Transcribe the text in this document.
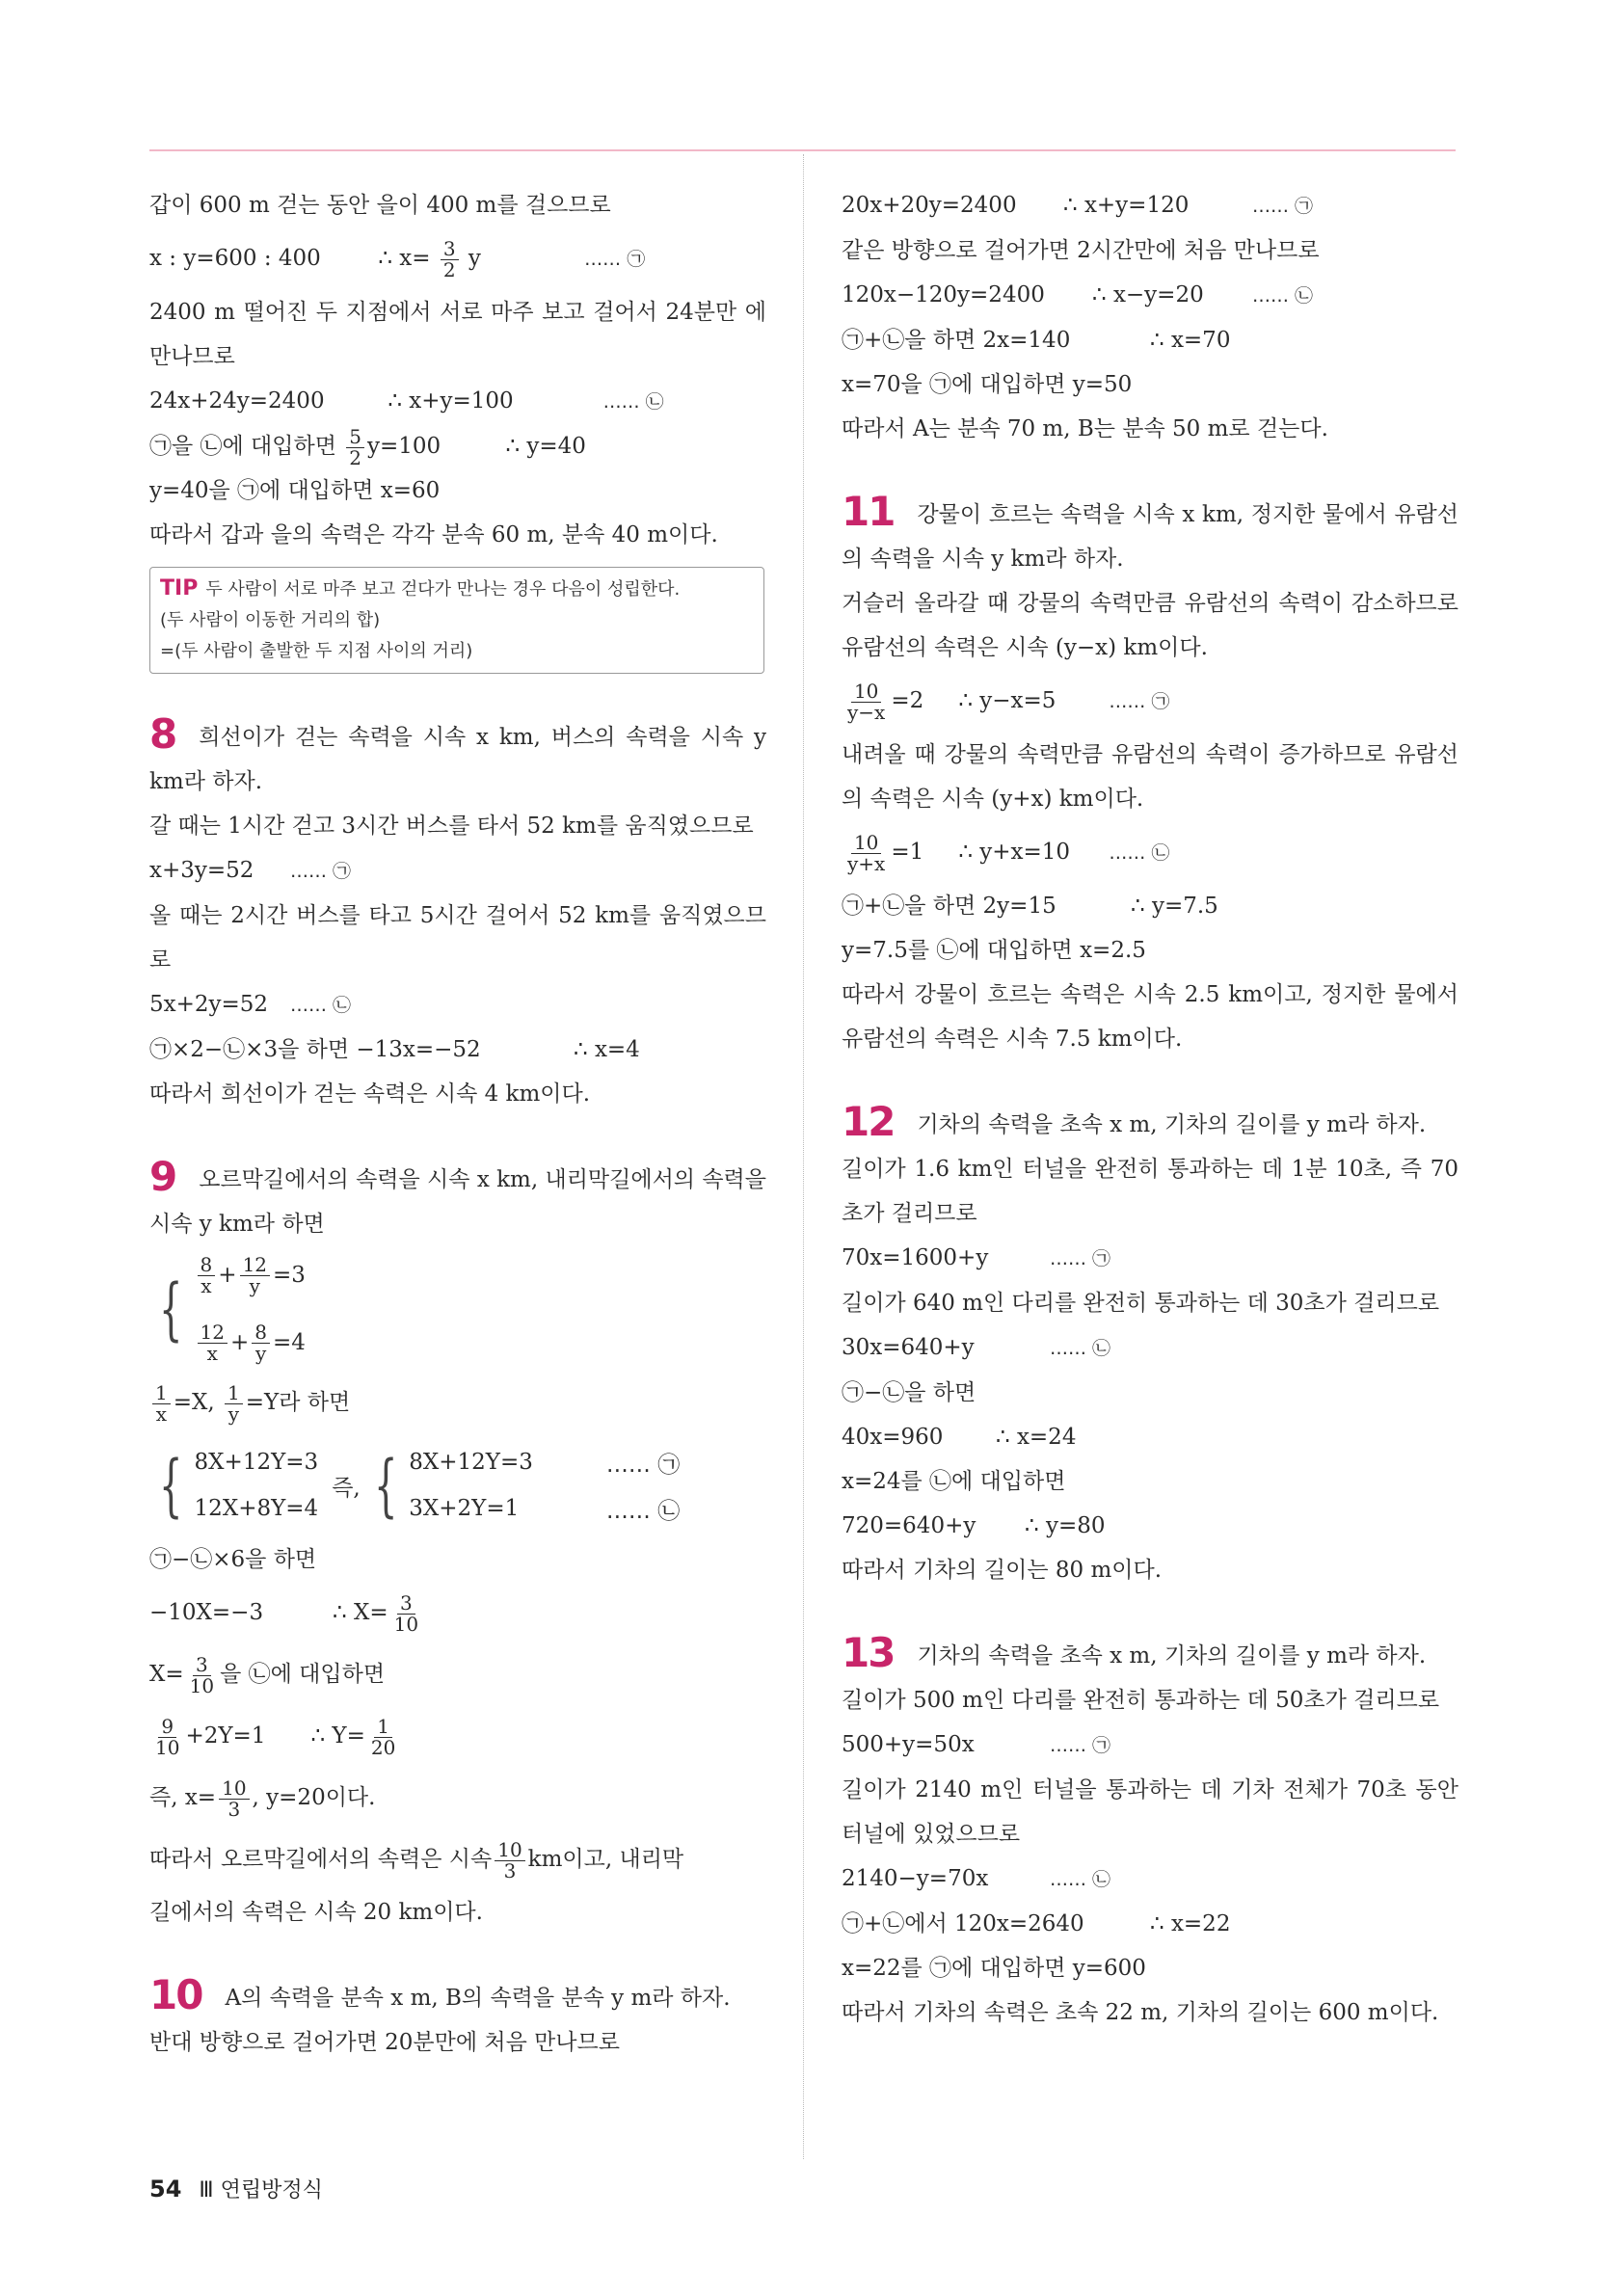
갑이 600 m 걷는 동안 을이 400 m를 걸으므로
x : y=600 : 400	∴ $x= \frac{3}{2}$ y	…… ㉠
2400 m 떨어진 두 지점에서 서로 마주 보고 걸어서 24분만 에 만나므로
24x+24y=2400	∴ x+y=100	…… ㉡
㉠을 ㉡에 대입하면 $\frac{5}{2} y=100$	∴ y=40
y=40을 ㉠에 대입하면 x=60
따라서 갑과 을의 속력은 각각 분속 60 m, 분속 40 m이다.
TIP 두 사람이 서로 마주 보고 걷다가 만나는 경우 다음이 성립한다.
(두 사람이 이동한 거리의 합)
=(두 사람이 출발한 두 지점 사이의 거리)
8 희선이가 걷는 속력을 시속 x km, 버스의 속력을 시속 y km라 하자.
갈 때는 1시간 걷고 3시간 버스를 타서 52 km를 움직였으므로
x+3y=52 …… ㉠
올 때는 2시간 버스를 타고 5시간 걸어서 52 km를 움직였으므로
5x+2y=52 …… ㉡
㉠×2−㉡×3을 하면 −13x=−52	∴ x=4
따라서 희선이가 걷는 속력은 시속 4 km이다.
9 오르막길에서의 속력을 시속 x km, 내리막길에서의 속력을 시속 y km라 하면
{ $\frac{8}{x} + \frac{12}{y} =3$
$\frac{12}{x} + \frac{8}{y} =4$
$\frac{1}{x} =X$, $\frac{1}{y} =Y$라 하면
{ 8X+12Y=3
12X+8Y=4
즉, { 8X+12Y=3
3X+2Y=1
…… ㉠
…… ㉡
㉠−㉡×6을 하면
−10X=−3	∴ $X= \frac{3}{10}$
$X= \frac{3}{10}$ 을 ㉡에 대입하면
$\frac{9}{10} +2Y=1$ ∴ $Y= \frac{1}{20}$
즉, $x= \frac{10}{3}$ , y=20이다.
따라서 오르막길에서의 속력은 시속 $\frac{10}{3}$ km이고, 내리막
길에서의 속력은 시속 20 km이다.
10 A의 속력을 분속 x m, B의 속력을 분속 y m라 하자.
반대 방향으로 걸어가면 20분만에 처음 만나므로
20x+20y=2400 ∴ x+y=120	…… ㉠
같은 방향으로 걸어가면 2시간만에 처음 만나므로
120x−120y=2400 ∴ x−y=20	…… ㉡
㉠+㉡을 하면 2x=140	∴ x=70
x=70을 ㉠에 대입하면 y=50
따라서 A는 분속 70 m, B는 분속 50 m로 걷는다.
11 강물이 흐르는 속력을 시속 x km, 정지한 물에서 유람선의 속력을 시속 y km라 하자.
거슬러 올라갈 때 강물의 속력만큼 유람선의 속력이 감소하므로 유람선의 속력은 시속 (y−x) km이다.
$\frac{10}{y-x} =2$ ∴ y−x=5	…… ㉠
내려올 때 강물의 속력만큼 유람선의 속력이 증가하므로 유람선의 속력은 시속 (y+x) km이다.
$\frac{10}{y+x} =1$ ∴ y+x=10 …… ㉡
㉠+㉡을 하면 2y=15	∴ y=7.5
y=7.5를 ㉡에 대입하면 x=2.5
따라서 강물이 흐르는 속력은 시속 2.5 km이고, 정지한 물에서 유람선의 속력은 시속 7.5 km이다.
12 기차의 속력을 초속 x m, 기차의 길이를 y m라 하자.
길이가 1.6 km인 터널을 완전히 통과하는 데 1분 10초, 즉 70초가 걸리므로
70x=1600+y	…… ㉠
길이가 640 m인 다리를 완전히 통과하는 데 30초가 걸리므로
30x=640+y	…… ㉡
㉠−㉡을 하면
40x=960 ∴ x=24
x=24를 ㉡에 대입하면
720=640+y ∴ y=80
따라서 기차의 길이는 80 m이다.
13 기차의 속력을 초속 x m, 기차의 길이를 y m라 하자.
길이가 500 m인 다리를 완전히 통과하는 데 50초가 걸리므로
500+y=50x	…… ㉠
길이가 2140 m인 터널을 통과하는 데 기차 전체가 70초 동안 터널에 있었으므로
2140−y=70x	…… ㉡
㉠+㉡에서 120x=2640	∴ x=22
x=22를 ㉠에 대입하면 y=600
따라서 기차의 속력은 초속 22 m, 기차의 길이는 600 m이다.
54 Ⅲ 연립방정식
